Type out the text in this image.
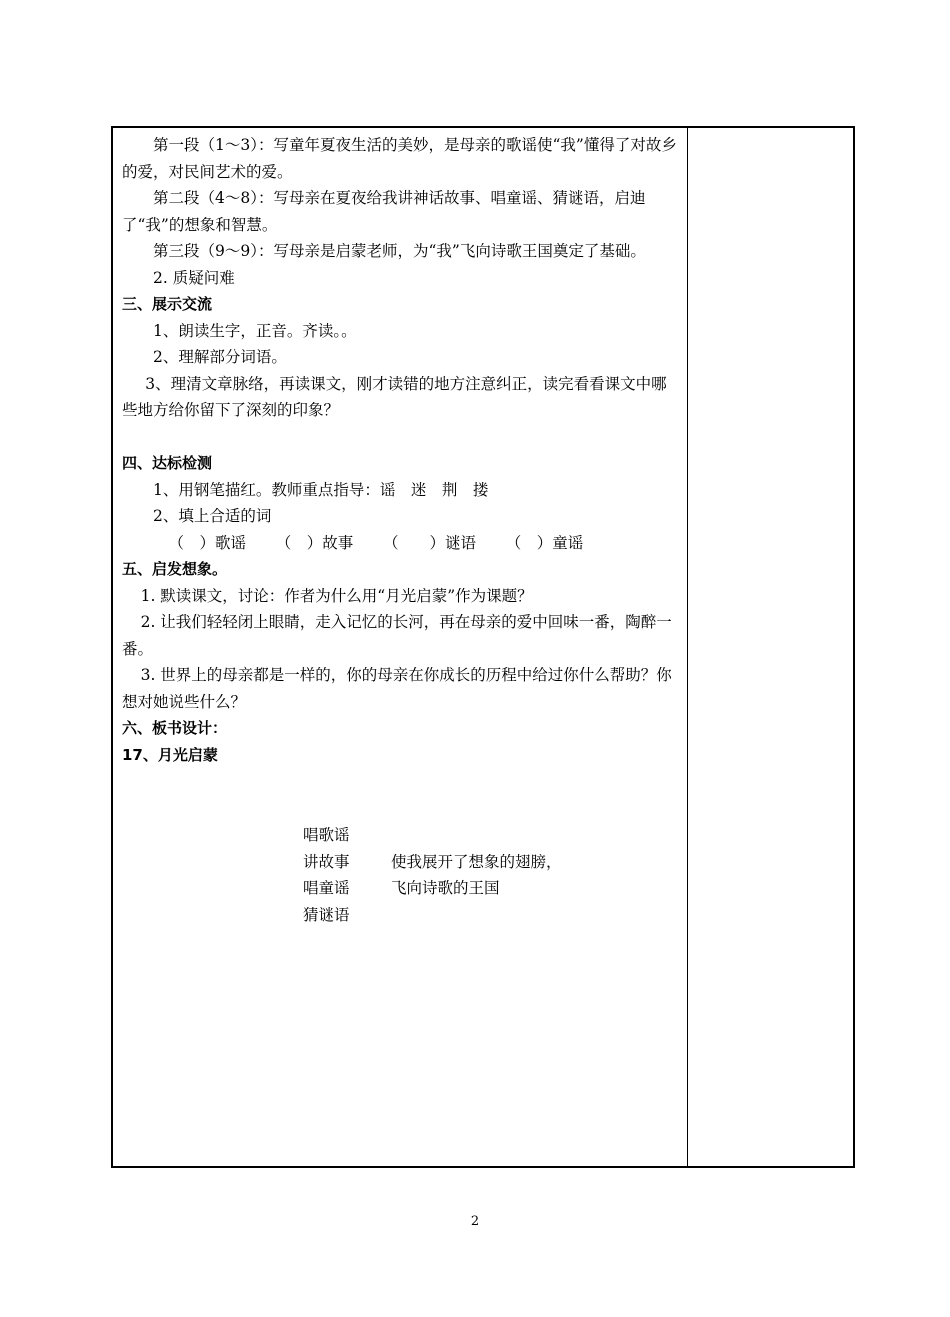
第一段（1～3）：写童年夏夜生活的美妙，是母亲的歌谣使“我”懂得了对故乡的爱，对民间艺术的爱。

第二段（4～8）：写母亲在夏夜给我讲神话故事、唱童谣、猜谜语，启迪了“我”的想象和智慧。

第三段（9～9）：写母亲是启蒙老师，为“我”飞向诗歌王国奠定了基础。

2. 质疑问难

三、展示交流

1、朗读生字，正音。齐读。。

2、理解部分词语。

3、理清文章脉络，再读课文，刚才读错的地方注意纠正，读完看看课文中哪些地方给你留下了深刻的印象？

四、达标检测

1、用钢笔描红。教师重点指导：谣　迷　荆　搂

2、填上合适的词

（　）歌谣 （　）故事 （　　）谜语 （　）童谣

五、启发想象。

1. 默读课文，讨论：作者为什么用“月光启蒙”作为课题？

2. 让我们轻轻闭上眼睛，走入记忆的长河，再在母亲的爱中回味一番，陶醉一番。

3. 世界上的母亲都是一样的，你的母亲在你成长的历程中给过你什么帮助？你想对她说些什么？

六、板书设计：

17、月光启蒙

唱歌谣
讲故事	使我展开了想象的翅膀，
唱童谣	飞向诗歌的王国
猜谜语
2
